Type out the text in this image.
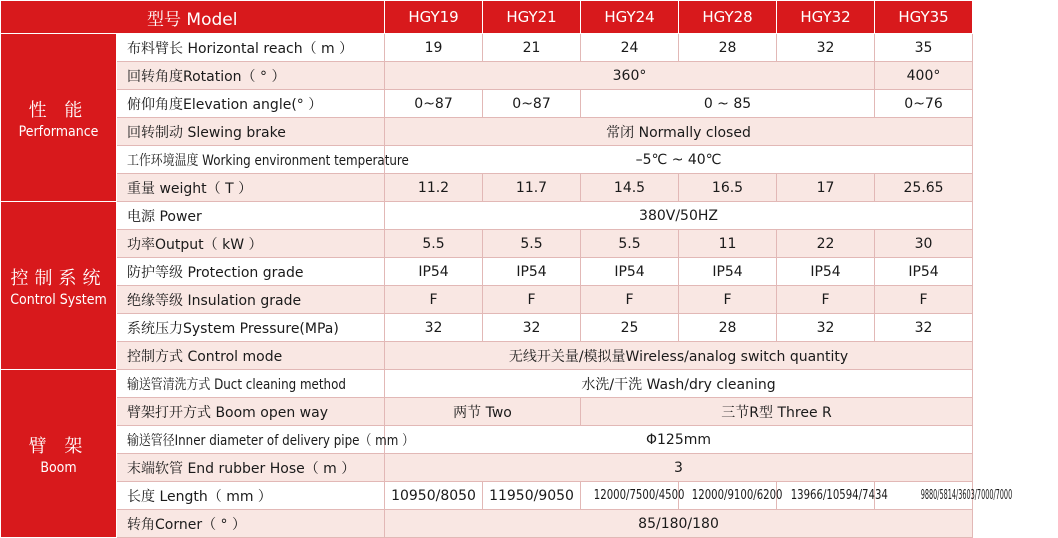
型号 Model		HGY19	HGY21	HGY24	HGY28	HGY32	HGY35

性 能
Performance	布料臂长 Horizontal reach（ m ）	19	21	24	28	32	35
	回转角度Rotation（ ° ）	360°					400°
	俯仰角度Elevation angle(° ）	0~87	0~87	0 ~ 85			0~76
	回转制动 Slewing brake	常闭 Normally closed					
	工作环境温度 Working environment temperature	–5℃ ~ 40℃					
	重量 weight（ T ）	11.2	11.7	14.5	16.5	17	25.65

控制系统
Control System	电源 Power	380V/50HZ					
	功率Output（ kW ）	5.5	5.5	5.5	11	22	30
	防护等级 Protection grade	IP54	IP54	IP54	IP54	IP54	IP54
	绝缘等级 Insulation grade	F	F	F	F	F	F
	系统压力System Pressure(MPa)	32	32	25	28	32	32
	控制方式 Control mode	无线开关量/模拟量Wireless/analog switch quantity					

臂 架
Boom	输送管清洗方式 Duct cleaning method	水洗/干洗 Wash/dry cleaning					
	臂架打开方式 Boom open way	两节 Two		三节R型 Three R			
	输送管径Inner diameter of delivery pipe（ mm ）	Φ125mm					
	末端软管 End rubber Hose（ m ）	3					
	长度 Length（ mm ）	10950/8050	11950/9050	12000/7500/4500	12000/9100/6200	13966/10594/7434	9880/5814/3603/7000/7000
	转角Corner（ ° ）	85/180/180					
